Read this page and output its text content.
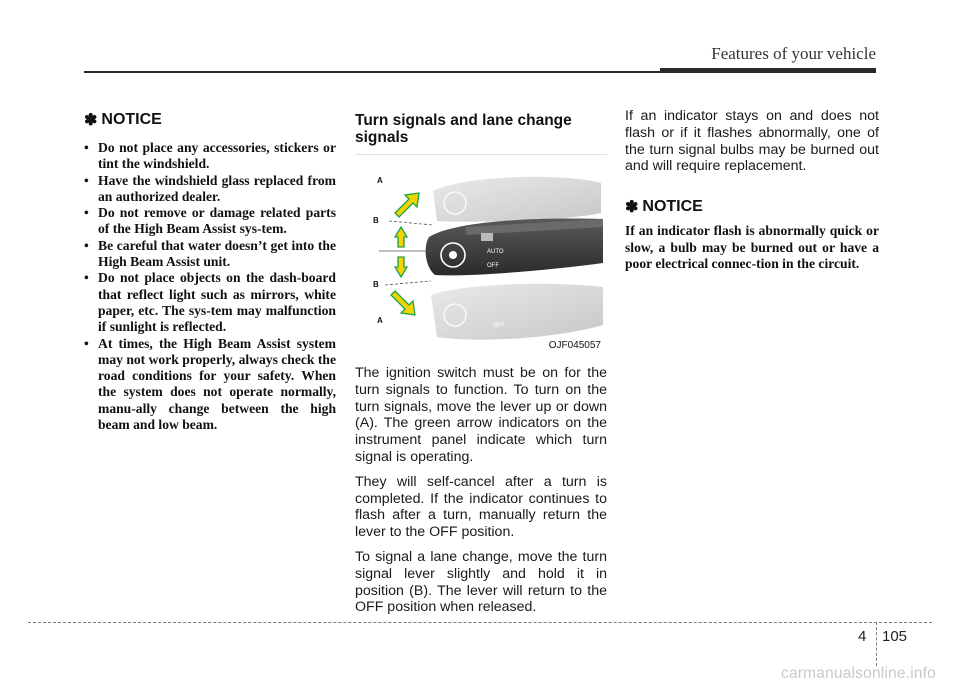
Features of your vehicle
✽ NOTICE
• Do not place any accessories, stickers or tint the windshield.
• Have the windshield glass replaced from an authorized dealer.
• Do not remove or damage related parts of the High Beam Assist sys-tem.
• Be careful that water doesn’t get into the High Beam Assist unit.
• Do not place objects on the dash-board that reflect light such as mirrors, white paper, etc. The sys-tem may malfunction if sunlight is reflected.
• At times, the High Beam Assist system may not work properly, always check the road conditions for your safety. When the system does not operate normally, manu-ally change between the high beam and low beam.
Turn signals and lane change signals
AUTO
OFF
OFF
A
B
B
A
OJF045057

The ignition switch must be on for the turn signals to function. To turn on the turn signals, move the lever up or down (A). The green arrow indicators on the instrument panel indicate which turn signal is operating.

They will self-cancel after a turn is completed. If the indicator continues to flash after a turn, manually return the lever to the OFF position.

To signal a lane change, move the turn signal lever slightly and hold it in position (B). The lever will return to the OFF position when released.

If an indicator stays on and does not flash or if it flashes abnormally, one of the turn signal bulbs may be burned out and will require replacement.

✽ NOTICE

If an indicator flash is abnormally quick or slow, a bulb may be burned out or have a poor electrical connec-tion in the circuit.

4 105
carmanualsonline.info
